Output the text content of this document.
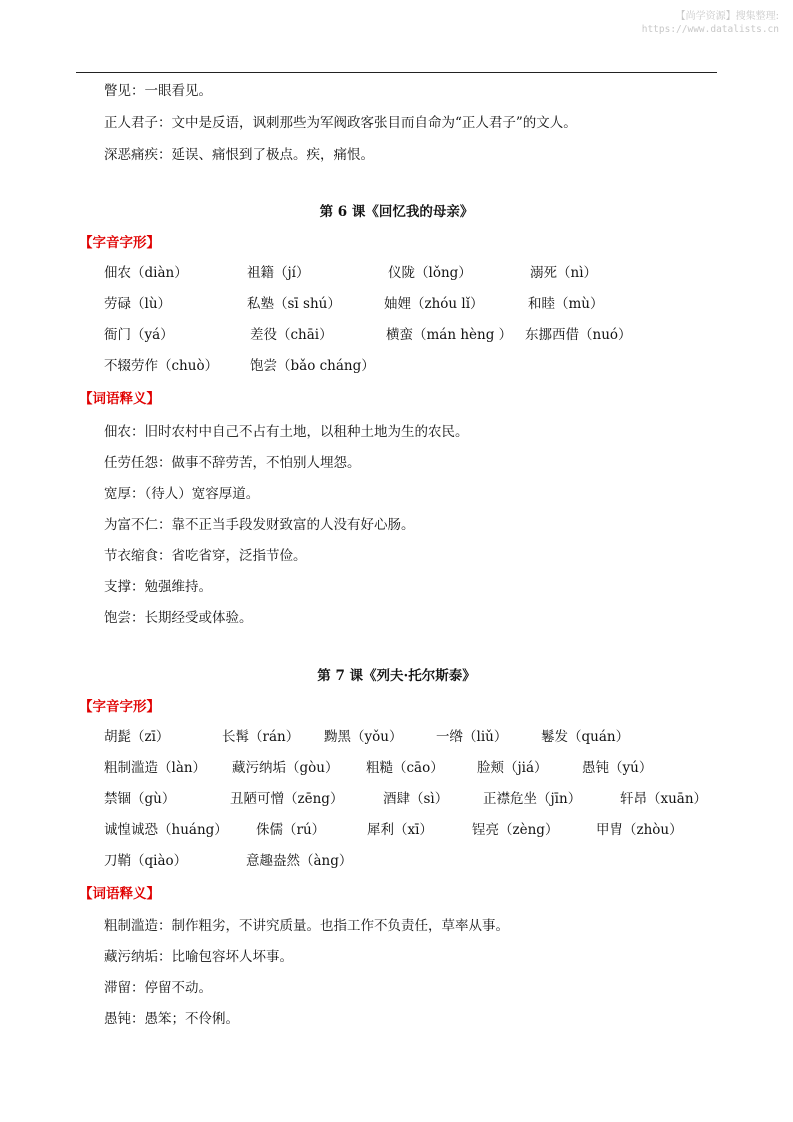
【尚学资源】搜集整理:
https://www.datalists.cn
瞥见：一眼看见。
正人君子：文中是反语，讽刺那些为军阀政客张目而自命为“正人君子”的文人。
深恶痛疾：延误、痛恨到了极点。疾，痛恨。
第 6 课《回忆我的母亲》
【字音字形】
佃农（diàn）	祖籍（jí）	仪陇（lǒng）	溺死（nì）
劳碌（lù）	私塾（sī shú）	妯娌（zhóu lǐ）	和睦（mù）
衙门（yá）	差役（chāi）	横蛮（mán hèng ） 东挪西借（nuó）
不辍劳作（chuò） 饱尝（bǎo cháng）
【词语释义】
佃农：旧时农村中自己不占有土地，以租种土地为生的农民。
任劳任怨：做事不辞劳苦，不怕别人埋怨。
宽厚：（待人）宽容厚道。
为富不仁：靠不正当手段发财致富的人没有好心肠。
节衣缩食：省吃省穿，泛指节俭。
支撑：勉强维持。
饱尝：长期经受或体验。
第 7 课《列夫·托尔斯泰》
【字音字形】
胡髭（zī）	长髯（rán） 黝黑（yǒu） 一绺（liǔ） 鬈发（quán）
粗制滥造（làn） 藏污纳垢（gòu） 粗糙（cāo） 脸颊（jiá）	愚钝（yú）
禁锢（gù）	丑陋可憎（zēng）	酒肆（sì）	正襟危坐（jīn）	轩昂（xuān）
诚惶诚恐（huáng） 侏儒（rú）	犀利（xī）	锃亮（zèng）	甲胄（zhòu）
刀鞘（qiào）	意趣盎然（àng）
【词语释义】
粗制滥造：制作粗劣，不讲究质量。也指工作不负责任，草率从事。
藏污纳垢：比喻包容坏人坏事。
滞留：停留不动。
愚钝：愚笨；不伶俐。
